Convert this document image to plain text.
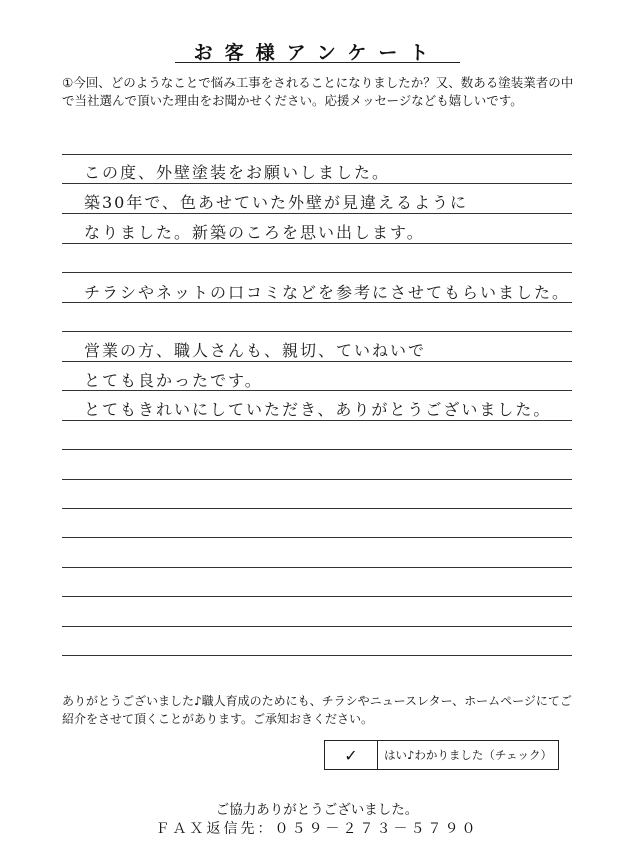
お客様アンケート
①今回、どのようなことで悩み工事をされることになりましたか？又、数ある塗装業者の中で当社選んで頂いた理由をお聞かせください。応援メッセージなども嬉しいです。
この度、外壁塗装をお願いしました。
築30年で、色あせていた外壁が見違えるように
なりました。新築のころを思い出します。
チラシやネットの口コミなどを参考にさせてもらいました。
営業の方、職人さんも、親切、ていねいで
とても良かったです。
とてもきれいにしていただき、ありがとうございました。
ありがとうございました♪職人育成のためにも、チラシやニュースレター、ホームページにてご紹介をさせて頂くことがあります。ご承知おきください。
✓	はい♪わかりました（チェック）
ご協力ありがとうございました。
ＦＡＸ返信先：０５９－２７３－５７９０
